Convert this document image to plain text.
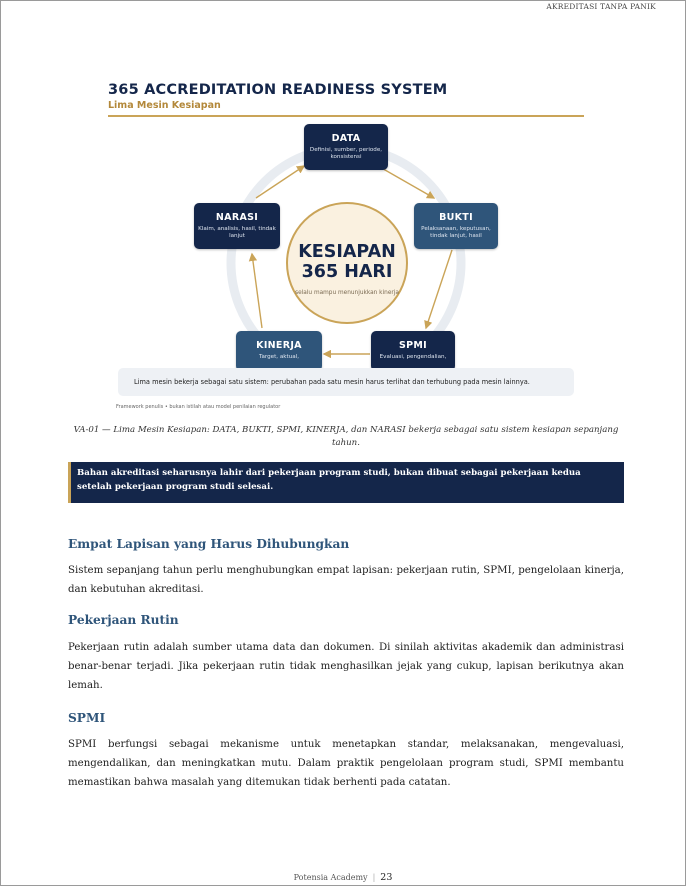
AKREDITASI TANPA PANIK
365 ACCREDITATION READINESS SYSTEM
Lima Mesin Kesiapan
DATA
Definisi, sumber, periode, konsistensi
BUKTI
Pelaksanaan, keputusan, tindak lanjut, hasil
SPMI
Evaluasi, pengendalian,
KINERJA
Target, aktual,
NARASI
Klaim, analisis, hasil, tindak lanjut
KESIAPAN
365 HARI
selalu mampu menunjukkan kinerja
Lima mesin bekerja sebagai satu sistem: perubahan pada satu mesin harus terlihat dan terhubung pada mesin lainnya.
Framework penulis • bukan istilah atau model penilaian regulator
VA-01 — Lima Mesin Kesiapan: DATA, BUKTI, SPMI, KINERJA, dan NARASI bekerja sebagai satu sistem kesiapan sepanjang tahun.
Bahan akreditasi seharusnya lahir dari pekerjaan program studi, bukan dibuat sebagai pekerjaan kedua setelah pekerjaan program studi selesai.
Empat Lapisan yang Harus Dihubungkan

Sistem sepanjang tahun perlu menghubungkan empat lapisan: pekerjaan rutin, SPMI, pengelolaan kinerja, dan kebutuhan akreditasi.

Pekerjaan Rutin

Pekerjaan rutin adalah sumber utama data dan dokumen. Di sinilah aktivitas akademik dan administrasi benar-benar terjadi. Jika pekerjaan rutin tidak menghasilkan jejak yang cukup, lapisan berikutnya akan lemah.

SPMI

SPMI berfungsi sebagai mekanisme untuk menetapkan standar, melaksanakan, mengevaluasi, mengendalikan, dan meningkatkan mutu. Dalam praktik pengelolaan program studi, SPMI membantu memastikan bahwa masalah yang ditemukan tidak berhenti pada catatan.

Potensia Academy | 23
